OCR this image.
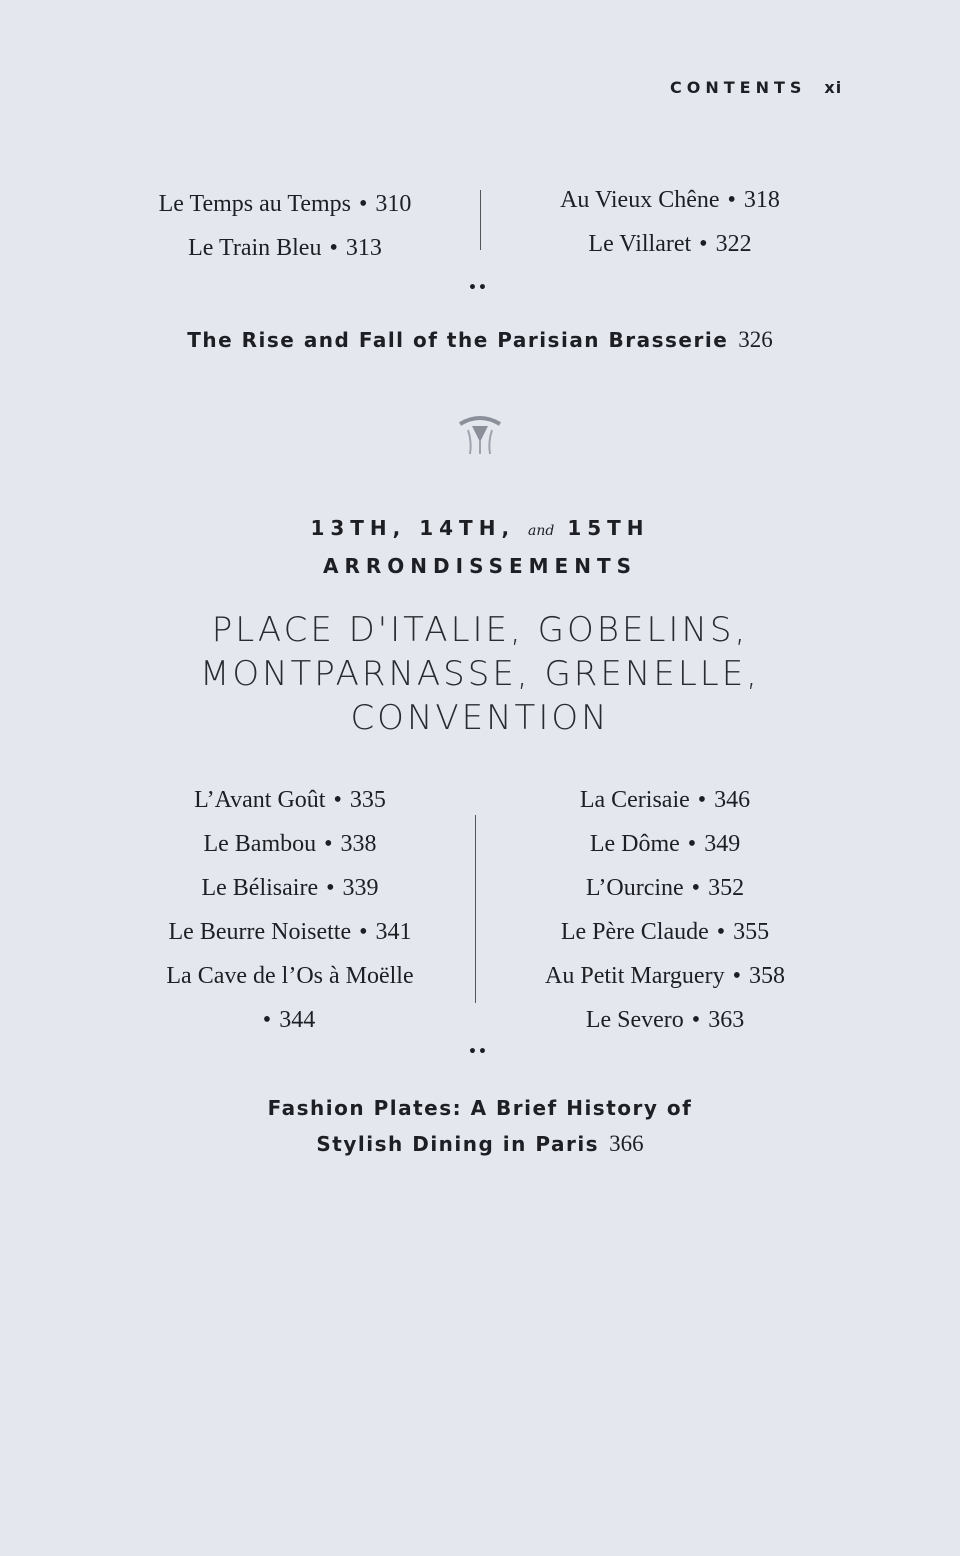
CONTENTS xi
Le Temps au Temps • 310
Le Train Bleu • 313
Au Vieux Chêne • 318
Le Villaret • 322
••
The Rise and Fall of the Parisian Brasserie 326
13TH, 14TH, and 15TH
ARRONDISSEMENTS
PLACE D'ITALIE, GOBELINS,
MONTPARNASSE, GRENELLE,
CONVENTION
L’Avant Goût • 335
Le Bambou • 338
Le Bélisaire • 339
Le Beurre Noisette • 341
La Cave de l’Os à Moëlle
• 344
La Cerisaie • 346
Le Dôme • 349
L’Ourcine • 352
Le Père Claude • 355
Au Petit Marguery • 358
Le Severo • 363
••
Fashion Plates: A Brief History of
Stylish Dining in Paris 366
